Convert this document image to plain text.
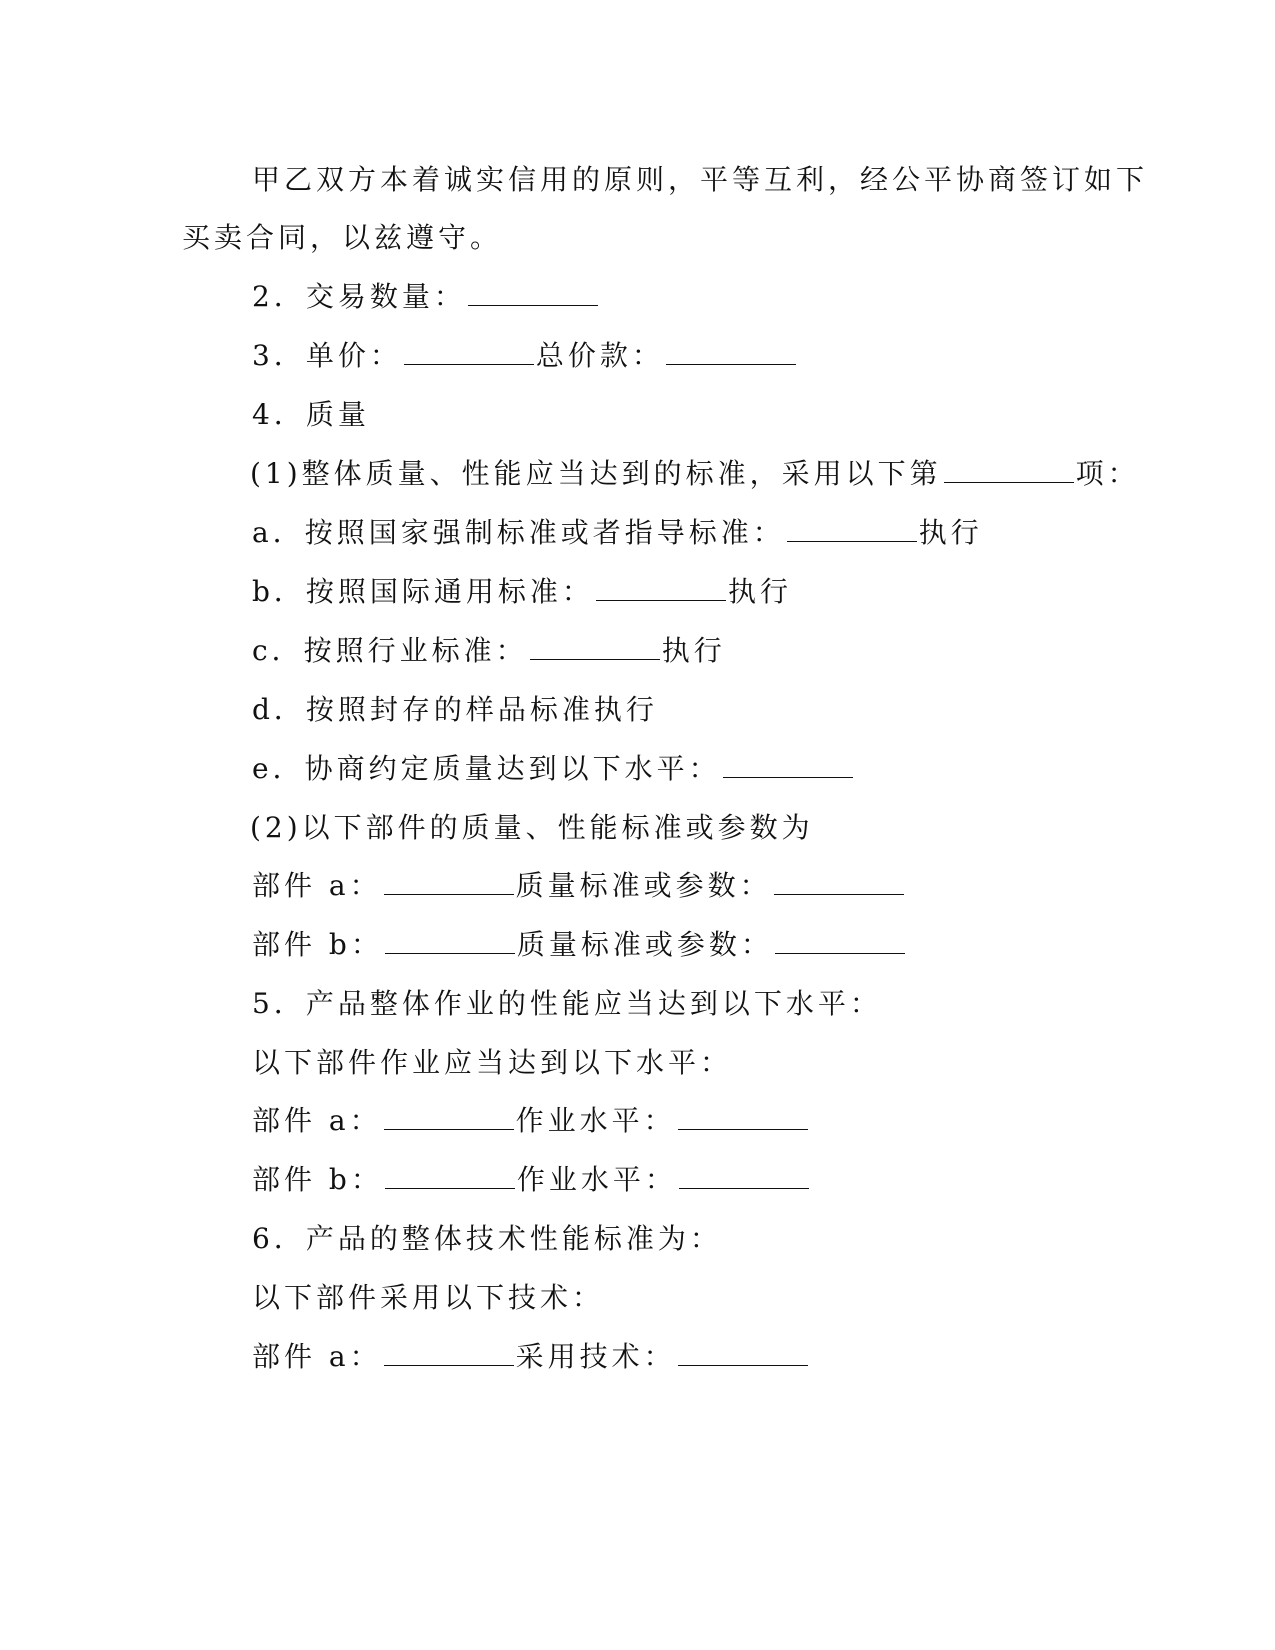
甲乙双方本着诚实信用的原则，平等互利，经公平协商签订如下
买卖合同，以兹遵守。
2．交易数量：
3．单价：	总价款：
4．质量
(1)整体质量、性能应当达到的标准，采用以下第	项：
a．按照国家强制标准或者指导标准：	执行
b．按照国际通用标准：	执行
c．按照行业标准：	执行
d．按照封存的样品标准执行
e．协商约定质量达到以下水平：
(2)以下部件的质量、性能标准或参数为
部件 a：	质量标准或参数：
部件 b：	质量标准或参数：
5．产品整体作业的性能应当达到以下水平：
以下部件作业应当达到以下水平：
部件 a：	作业水平：
部件 b：	作业水平：
6．产品的整体技术性能标准为：
以下部件采用以下技术：
部件 a：	采用技术：
